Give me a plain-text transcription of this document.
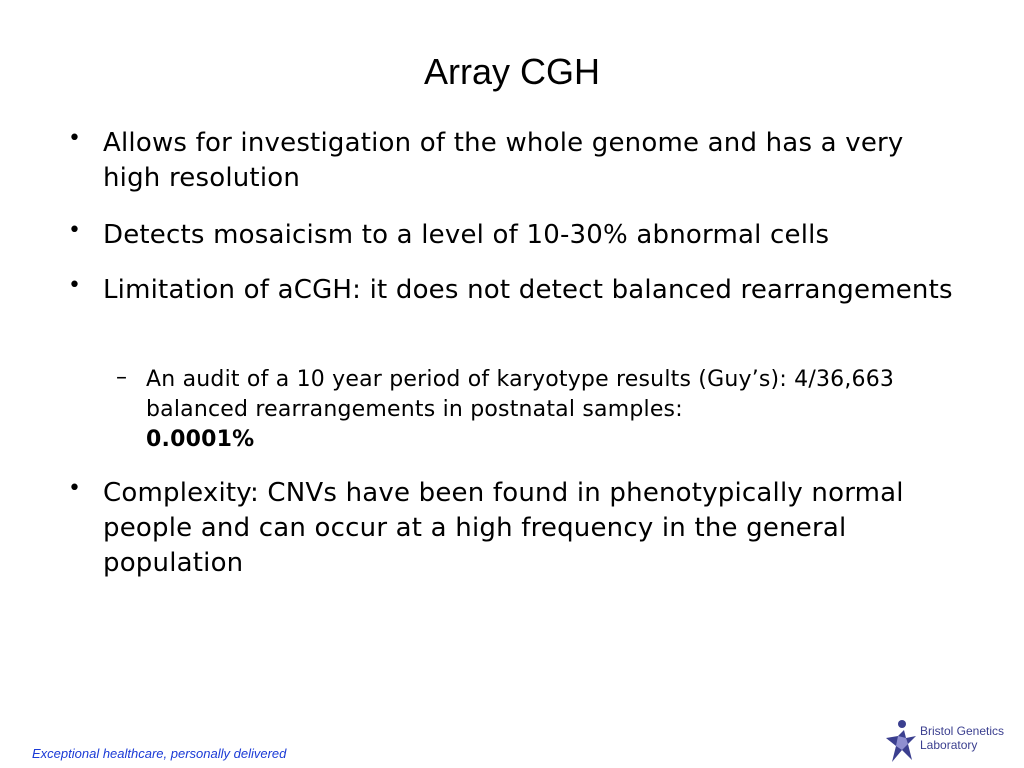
Array CGH
• Allows for investigation of the whole genome and has a very high resolution
• Detects mosaicism to a level of 10-30% abnormal cells
• Limitation of aCGH: it does not detect balanced rearrangements
– An audit of a 10 year period of karyotype results (Guy’s): 4/36,663 balanced rearrangements in postnatal samples:
0.0001%
• Complexity: CNVs have been found in phenotypically normal people and can occur at a high frequency in the general population
Exceptional healthcare, personally delivered
Bristol Genetics
Laboratory
